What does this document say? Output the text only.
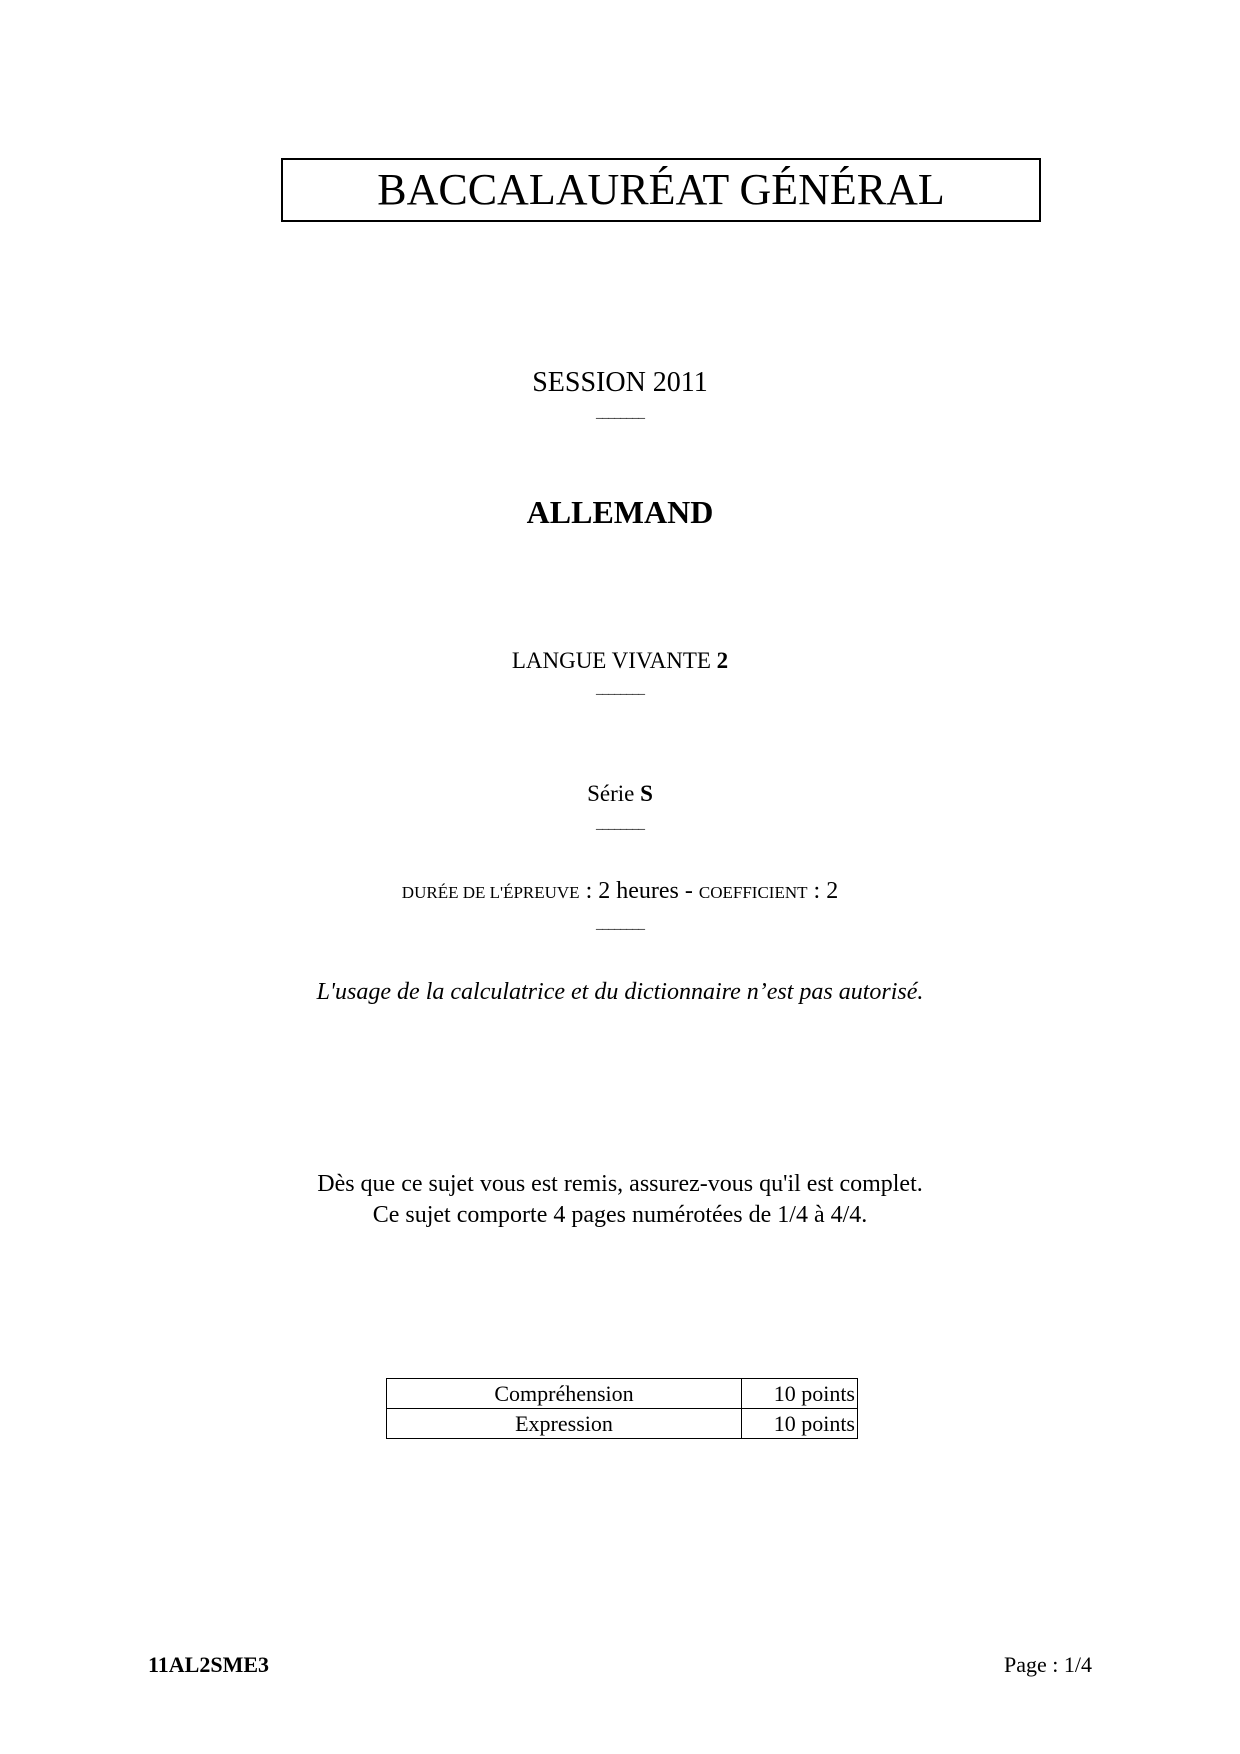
BACCALAURÉAT GÉNÉRAL
SESSION 2011
________
ALLEMAND
LANGUE VIVANTE 2
________
Série S
________
DURÉE DE L'ÉPREUVE : 2 heures - COEFFICIENT : 2
________
L'usage de la calculatrice et du dictionnaire n’est pas autorisé.
Dès que ce sujet vous est remis, assurez-vous qu'il est complet.
Ce sujet comporte 4 pages numérotées de 1/4 à 4/4.
Compréhension	10 points
Expression	10 points
11AL2SME3	Page : 1/4
